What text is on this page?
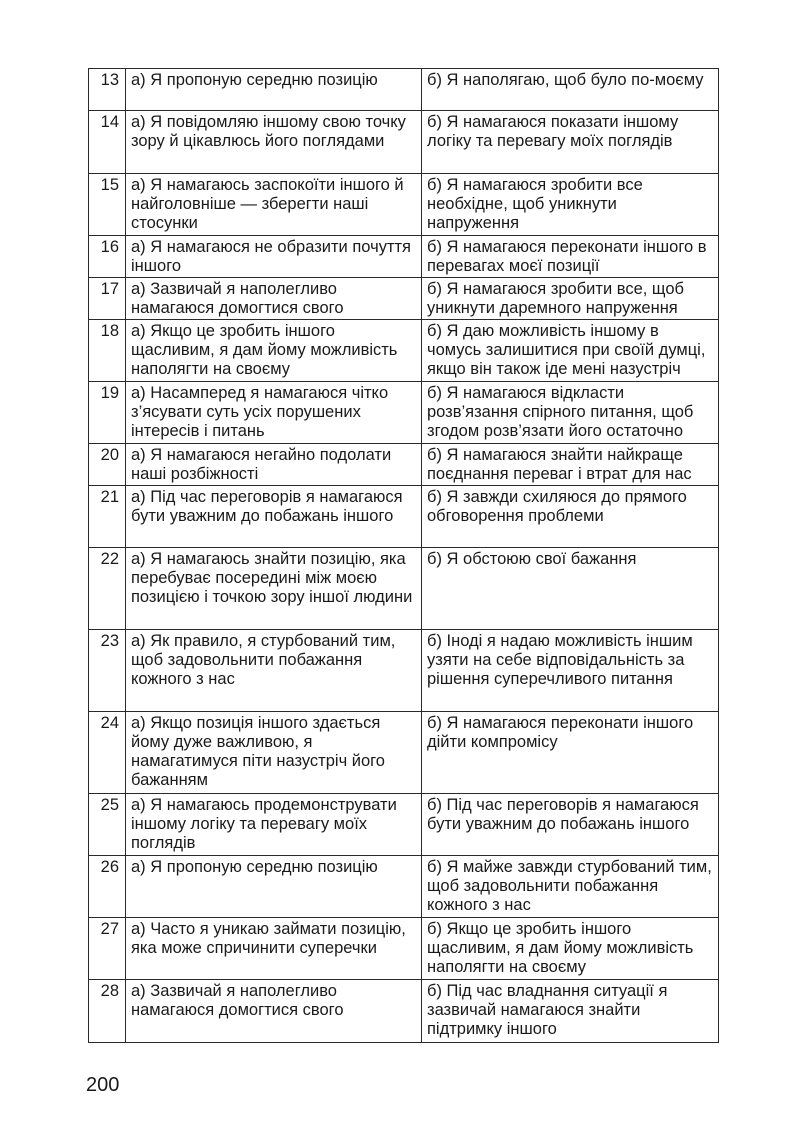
13	а) Я пропоную середню позицію	б) Я наполягаю, щоб було по-моєму
14	а) Я повідомляю іншому свою точку зору й цікавлюсь його поглядами	б) Я намагаюся показати іншому логіку та перевагу моїх поглядів
15	а) Я намагаюсь заспокоїти іншого й найголовніше — зберегти наші стосунки	б) Я намагаюся зробити все необхідне, щоб уникнути напруження
16	а) Я намагаюся не образити почуття іншого	б) Я намагаюся переконати іншого в перевагах моєї позиції
17	а) Зазвичай я наполегливо намагаюся домогтися свого	б) Я намагаюся зробити все, щоб уникнути даремного напруження
18	а) Якщо це зробить іншого щасливим, я дам йому можливість наполягти на своєму	б) Я даю можливість іншому в чомусь залишитися при своїй думці, якщо він також іде мені назустріч
19	а) Насамперед я намагаюся чітко з’ясувати суть усіх порушених інтересів і питань	б) Я намагаюся відкласти розв’язання спірного питання, щоб згодом розв’язати його остаточно
20	а) Я намагаюся негайно подолати наші розбіжності	б) Я намагаюся знайти найкраще поєднання переваг і втрат для нас
21	а) Під час переговорів я намагаюся бути уважним до побажань іншого	б) Я завжди схиляюся до прямого обговорення проблеми
22	а) Я намагаюсь знайти позицію, яка перебуває посередині між моєю позицією і точкою зору іншої людини	б) Я обстоюю свої бажання
23	а) Як правило, я стурбований тим, щоб задовольнити побажання кожного з нас	б) Іноді я надаю можливість іншим узяти на себе відповідальність за рішення суперечливого питання
24	а) Якщо позиція іншого здається йому дуже важливою, я намагатимуся піти назустріч його бажанням	б) Я намагаюся переконати іншого дійти компромісу
25	а) Я намагаюсь продемонструвати іншому логіку та перевагу моїх поглядів	б) Під час переговорів я намагаюся бути уважним до побажань іншого
26	а) Я пропоную середню позицію	б) Я майже завжди стурбований тим, щоб задовольнити побажання кожного з нас
27	а) Часто я уникаю займати позицію, яка може спричинити суперечки	б) Якщо це зробить іншого щасливим, я дам йому можливість наполягти на своєму
28	а) Зазвичай я наполегливо намагаюся домогтися свого	б) Під час владнання ситуації я зазвичай намагаюся знайти підтримку іншого
200
